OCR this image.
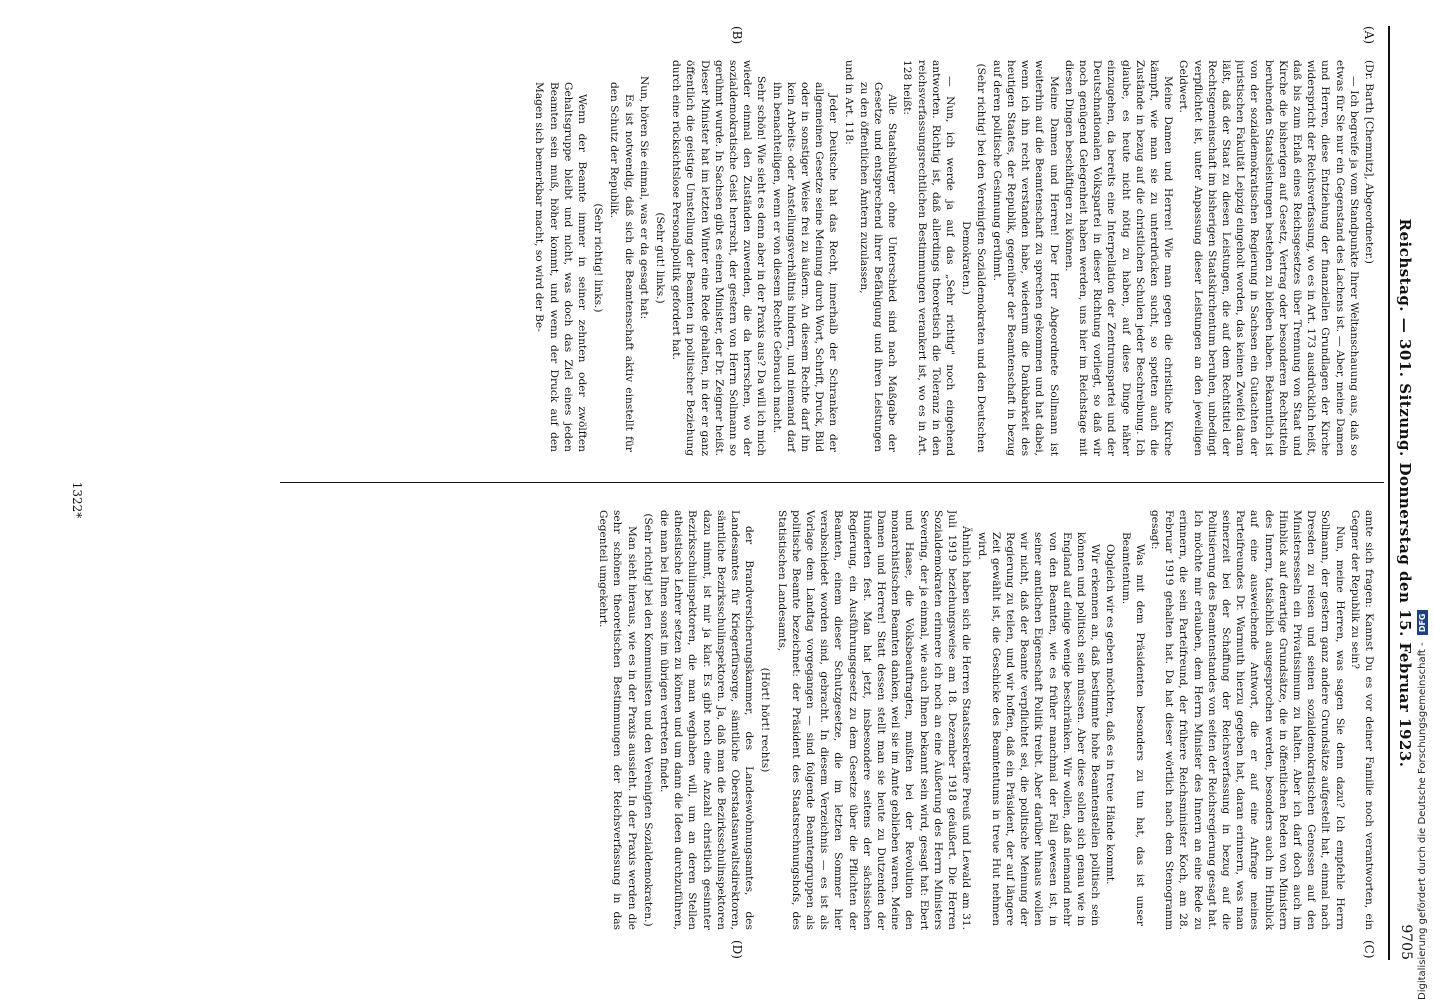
Reichstag. — 301. Sitzung. Donnerstag den 15. Februar 1923.
9705
(A)
(B)
(C)
(D)

(Dr. Barth [Chemnitz], Abgeordneter.)

— Ich begreife ja vom Standpunkte Ihrer Weltanschauung aus, daß so etwas für Sie nur ein Gegenstand des Lachens ist. — Aber, meine Damen und Herren, diese Entziehung der finanziellen Grundlagen der Kirche widerspricht der Reichsverfassung, wo es in Art. 173 ausdrücklich heißt, daß bis zum Erlaß eines Reichsgesetzes über Trennung von Staat und Kirche die bisherigen auf Gesetz, Vertrag oder besonderen Rechtstiteln beruhenden Staatsleistungen bestehen zu bleiben haben. Bekanntlich ist von der sozialdemokratischen Regierung in Sachsen ein Gutachten der juristischen Fakultät Leipzig eingeholt worden, das keinen Zweifel daran läßt, daß der Staat zu diesen Leistungen, die auf dem Rechtstitel der Rechtsgemeinschaft im bisherigen Staatskirchentum beruhen, unbedingt verpflichtet ist, unter Anpassung dieser Leistungen an den jeweiligen Geldwert.

Meine Damen und Herren! Wie man gegen die christliche Kirche kämpft, wie man sie zu unterdrücken sucht, so spotten auch die Zustände in bezug auf die christlichen Schulen jeder Beschreibung. Ich glaube, es heute nicht nötig zu haben, auf diese Dinge näher einzugehen, da bereits eine Interpellation der Zentrumspartei und der Deutschnationalen Volkspartei in dieser Richtung vorliegt, so daß wir noch genügend Gelegenheit haben werden, uns hier im Reichstage mit diesen Dingen beschäftigen zu können.

Meine Damen und Herren! Der Herr Abgeordnete Sollmann ist weiterhin auf die Beamtenschaft zu sprechen gekommen und hat dabei, wenn ich ihn recht verstanden habe, wiederum die Dankbarkeit des heutigen Staates, der Republik, gegenüber der Beamtenschaft in bezug auf deren politische Gesinnung gerühmt.

(Sehr richtig! bei den Vereinigten Sozialdemokraten und den Deutschen Demokraten.)

— Nun, ich werde ja auf das „Sehr richtig" noch eingehend antworten. Richtig ist, daß allerdings theoretisch die Toleranz in den reichsverfassungsrechtlichen Bestimmungen verankert ist, wo es in Art. 128 heißt:

Alle Staatsbürger ohne Unterschied sind nach Maßgabe der Gesetze und entsprechend ihrer Befähigung und ihren Leistungen zu den öffentlichen Ämtern zuzulassen,

und in Art. 118:

Jeder Deutsche hat das Recht, innerhalb der Schranken der allgemeinen Gesetze seine Meinung durch Wort, Schrift, Druck, Bild oder in sonstiger Weise frei zu äußern. An diesem Rechte darf ihn kein Arbeits- oder Anstellungsverhältnis hindern, und niemand darf ihn benachteiligen, wenn er von diesem Rechte Gebrauch macht.

Sehr schön! Wie sieht es denn aber in der Praxis aus? Da will ich mich wieder einmal den Zuständen zuwenden, die da herrschen, wo der sozialdemokratische Geist herrscht, der gestern von Herrn Sollmann so gerühmt wurde. In Sachsen gibt es einen Minister, der Dr. Zeigner heißt. Dieser Minister hat im letzten Winter eine Rede gehalten, in der er ganz öffentlich die geistige Umstellung der Beamten in politischer Beziehung durch eine rücksichtslose Personalpolitik gefordert hat.

(Sehr gut! links.)

Nun, hören Sie einmal, was er da gesagt hat:

Es ist notwendig, daß sich die Beamtenschaft aktiv einstellt für den Schutz der Republik.

(Sehr richtig! links.)

Wenn der Beamte immer in seiner zehnten oder zwölften Gehaltsgruppe bleibt und nicht, was doch das Ziel eines jeden Beamten sein muß, höher kommt, und wenn der Druck auf den Magen sich bemerkbar macht, so wird der Be-

amte sich fragen: Kannst Du es vor deiner Familie noch verantworten, ein Gegner der Republik zu sein?

Nun, meine Herren, was sagen Sie denn dazu? Ich empfehle Herrn Sollmann, der gestern ganz andere Grundsätze aufgestellt hat, einmal nach Dresden zu reisen und seinen sozialdemokratischen Genossen auf den Ministersesseln ein Privatissimum zu halten. Aber ich darf doch auch im Hinblick auf derartige Grundsätze, die in öffentlichen Reden von Ministern des Innern, tatsächlich ausgesprochen werden, besonders auch im Hinblick auf eine ausweichende Antwort, die er auf eine Anfrage meines Parteifreundes Dr. Warmuth hierzu gegeben hat, daran erinnern, was man seinerzeit bei der Schaffung der Reichsverfassung in bezug auf die Politisierung des Beamtenstandes von seiten der Reichsregierung gesagt hat. Ich möchte mir erlauben, dem Herrn Minister des Innern an eine Rede zu erinnern, die sein Parteifreund, der frühere Reichsminister Koch, am 28. Februar 1919 gehalten hat. Da hat dieser wörtlich nach dem Stenogramm gesagt:

Was mit dem Präsidenten besonders zu tun hat, das ist unser Beamtentum.

Obgleich wir es geben möchten, daß es in treue Hände kommt.

Wir erkennen an, daß bestimmte hohe Beamtenstellen politisch sein können und politisch sein müssen. Aber diese sollen sich genau wie in England auf einige wenige beschränken. Wir wollen, daß niemand mehr von den Beamten, wie es früher manchmal der Fall gewesen ist, in seiner amtlichen Eigenschaft Politik treibt. Aber darüber hinaus wollen wir nicht, daß der Beamte verpflichtet sei, die politische Meinung der Regierung zu teilen, und wir hoffen, daß ein Präsident, der auf längere Zeit gewählt ist, die Geschicke des Beamtentums in treue Hut nehmen wird.

Ähnlich haben sich die Herren Staatssekretäre Preuß und Lewald am 31. Juli 1919 beziehungsweise am 18. Dezember 1918 geäußert. Die Herren Sozialdemokraten erinnere ich noch an eine Äußerung des Herrn Ministers Severing, der ja einmal, wie auch Ihnen bekannt sein wird, gesagt hat: Ebert und Haase, die Volksbeauftragten, mußten bei der Revolution den monarchistischen Beamten danken, weil sie im Amte geblieben waren. Meine Damen und Herren! Statt dessen stellt man sie heute zu Dutzenden der Hunderten fest. Man hat jetzt, insbesondere seitens der sächsischen Regierung, ein Ausführungsgesetz zu dem Gesetze über die Pflichten der Beamten, einem dieser Schutzgesetze, die im letzten Sommer hier verabschiedet worden sind, gebracht. In diesem Verzeichnis — es ist als Vorlage dem Landtag vorgegangen — sind folgende Beamtengruppen als politische Beamte bezeichnet: der Präsident des Staatsrechnungshofs, des Statistischen Landesamts,

(Hört! hört! rechts)

der Brandversicherungskammer, des Landeswohnungsamtes, des Landesamtes für Kriegerfürsorge, sämtliche Oberstaatsanwaltsdirektoren, sämtliche Bezirksschulinspektoren. Ja, daß man die Bezirksschulinspektoren dazu nimmt, ist mir ja klar. Es gibt noch eine Anzahl christlich gesinnter Bezirksschulinspektoren, die man weghaben will, um an deren Stellen atheistische Lehrer setzen zu können und um dann die Ideen durchzuführen, die man bei Ihnen sonst im übrigen vertreten findet.

(Sehr richtig! bei den Kommunisten und den Vereinigten Sozialdemokraten.)

Man sieht hieraus, wie es in der Praxis aussieht. In der Praxis werden die sehr schönen theoretischen Bestimmungen der Reichsverfassung in das Gegenteil umgekehrt.

1322*
Digitalisierung gefördert durch die Deutsche Forschungsgemeinschaft - DFG
